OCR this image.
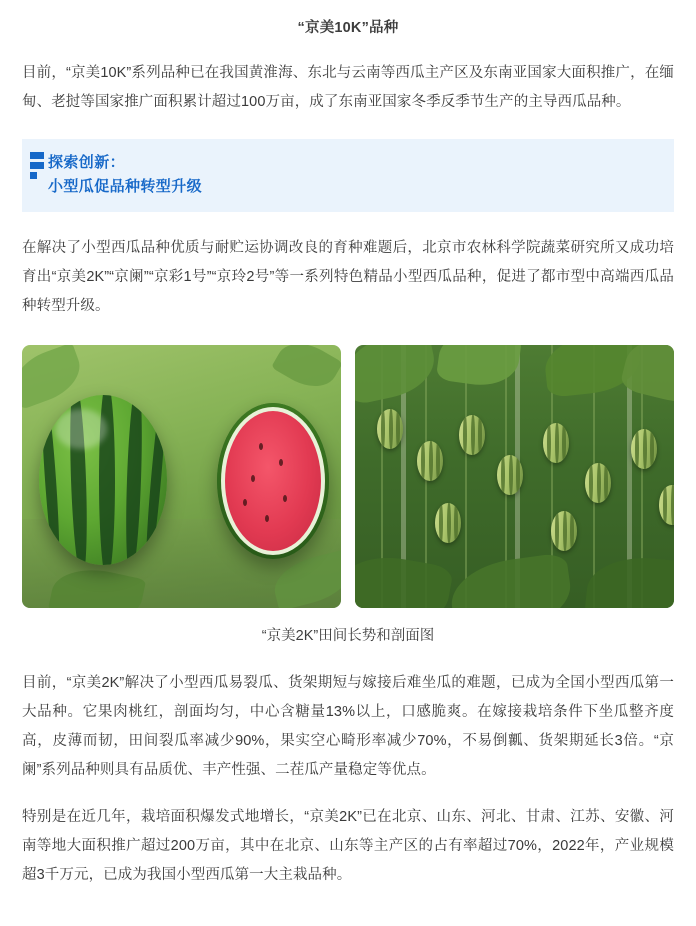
“京美10K”品种

目前，“京美10K”系列品种已在我国黄淮海、东北与云南等西瓜主产区及东南亚国家大面积推广，在缅甸、老挝等国家推广面积累计超过100万亩，成了东南亚国家冬季反季节生产的主导西瓜品种。

探索创新：
小型瓜促品种转型升级

在解决了小型西瓜品种优质与耐贮运协调改良的育种难题后，北京市农林科学院蔬菜研究所又成功培育出“京美2K”“京阑”“京彩1号”“京玲2号”等一系列特色精品小型西瓜品种，促进了都市型中高端西瓜品种转型升级。

“京美2K”田间长势和剖面图

目前，“京美2K”解决了小型西瓜易裂瓜、货架期短与嫁接后难坐瓜的难题，已成为全国小型西瓜第一大品种。它果肉桃红，剖面均匀，中心含糖量13%以上，口感脆爽。在嫁接栽培条件下坐瓜整齐度高，皮薄而韧，田间裂瓜率减少90%，果实空心畸形率减少70%，不易倒瓤、货架期延长3倍。“京阑”系列品种则具有品质优、丰产性强、二茬瓜产量稳定等优点。

特别是在近几年，栽培面积爆发式地增长，“京美2K”已在北京、山东、河北、甘肃、江苏、安徽、河南等地大面积推广超过200万亩，其中在北京、山东等主产区的占有率超过70%，2022年，产业规模超3千万元，已成为我国小型西瓜第一大主栽品种。
